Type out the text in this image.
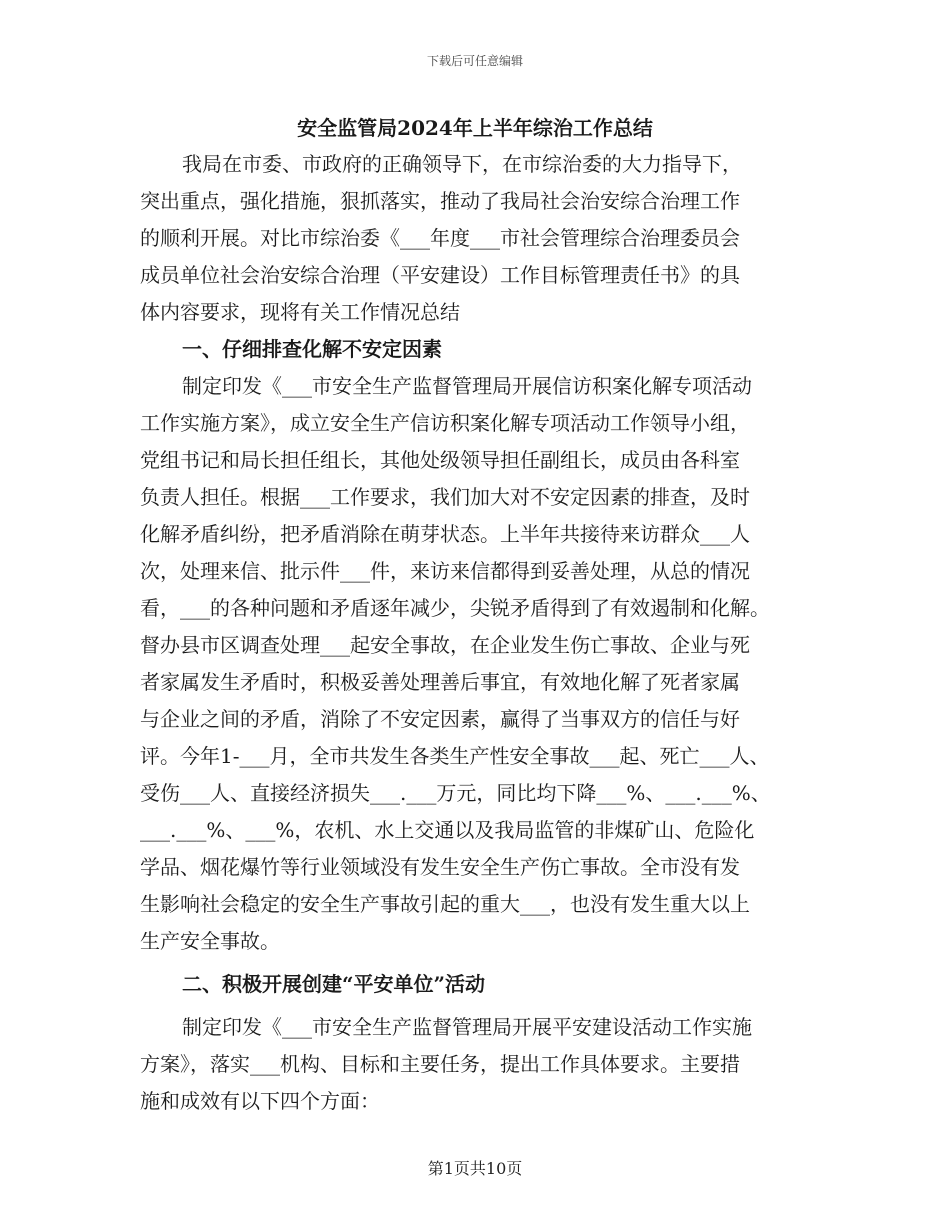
下载后可任意编辑
安全监管局2024年上半年综治工作总结
我局在市委、市政府的正确领导下，在市综治委的大力指导下，
突出重点，强化措施，狠抓落实，推动了我局社会治安综合治理工作
的顺利开展。对比市综治委《___年度___市社会管理综合治理委员会
成员单位社会治安综合治理（平安建设）工作目标管理责任书》的具
体内容要求，现将有关工作情况总结
一、仔细排查化解不安定因素
制定印发《___市安全生产监督管理局开展信访积案化解专项活动
工作实施方案》，成立安全生产信访积案化解专项活动工作领导小组，
党组书记和局长担任组长，其他处级领导担任副组长，成员由各科室
负责人担任。根据___工作要求，我们加大对不安定因素的排查，及时
化解矛盾纠纷，把矛盾消除在萌芽状态。上半年共接待来访群众___人
次，处理来信、批示件___件，来访来信都得到妥善处理，从总的情况
看，___的各种问题和矛盾逐年减少，尖锐矛盾得到了有效遏制和化解。
督办县市区调查处理___起安全事故，在企业发生伤亡事故、企业与死
者家属发生矛盾时，积极妥善处理善后事宜，有效地化解了死者家属
与企业之间的矛盾，消除了不安定因素，赢得了当事双方的信任与好
评。今年1-___月，全市共发生各类生产性安全事故___起、死亡___人、
受伤___人、直接经济损失___.___万元，同比均下降___%、___.___%、
___.___%、___%，农机、水上交通以及我局监管的非煤矿山、危险化
学品、烟花爆竹等行业领域没有发生安全生产伤亡事故。全市没有发
生影响社会稳定的安全生产事故引起的重大___，也没有发生重大以上
生产安全事故。
二、积极开展创建“平安单位”活动
制定印发《___市安全生产监督管理局开展平安建设活动工作实施
方案》，落实___机构、目标和主要任务，提出工作具体要求。主要措
施和成效有以下四个方面：
第1页共10页
